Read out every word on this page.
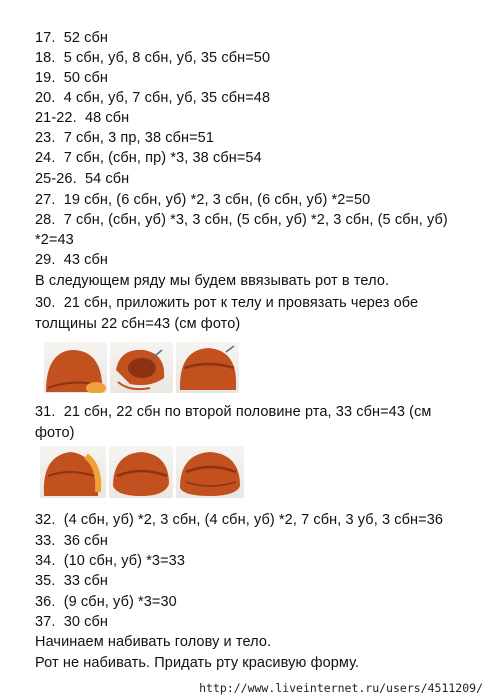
17.  52 сбн
18.  5 сбн, уб, 8 сбн, уб, 35 сбн=50
19.  50 сбн
20.  4 сбн, уб, 7 сбн, уб, 35 сбн=48
21-22.  48 сбн
23.  7 сбн, 3 пр, 38 сбн=51
24.  7 сбн, (сбн, пр) *3, 38 сбн=54
25-26.  54 сбн
27.  19 сбн, (6 сбн, уб) *2, 3 сбн, (6 сбн, уб) *2=50
28.  7 сбн, (сбн, уб) *3, 3 сбн, (5 сбн, уб) *2, 3 сбн, (5 сбн, уб)
*2=43
29.  43 сбн
В следующем ряду мы будем ввязывать рот в тело.
30.  21 сбн, приложить рот к телу и провязать через обе
толщины 22 сбн=43 (см фото)
31.  21 сбн, 22 сбн по второй половине рта, 33 сбн=43 (см
фото)
32.  (4 сбн, уб) *2, 3 сбн, (4 сбн, уб) *2, 7 сбн, 3 уб, 3 сбн=36
33.  36 сбн
34.  (10 сбн, уб) *3=33
35.  33 сбн
36.  (9 сбн, уб) *3=30
37.  30 сбн
Начинаем набивать голову и тело.
Рот не набивать. Придать рту красивую форму.
http://www.liveinternet.ru/users/4511209/
